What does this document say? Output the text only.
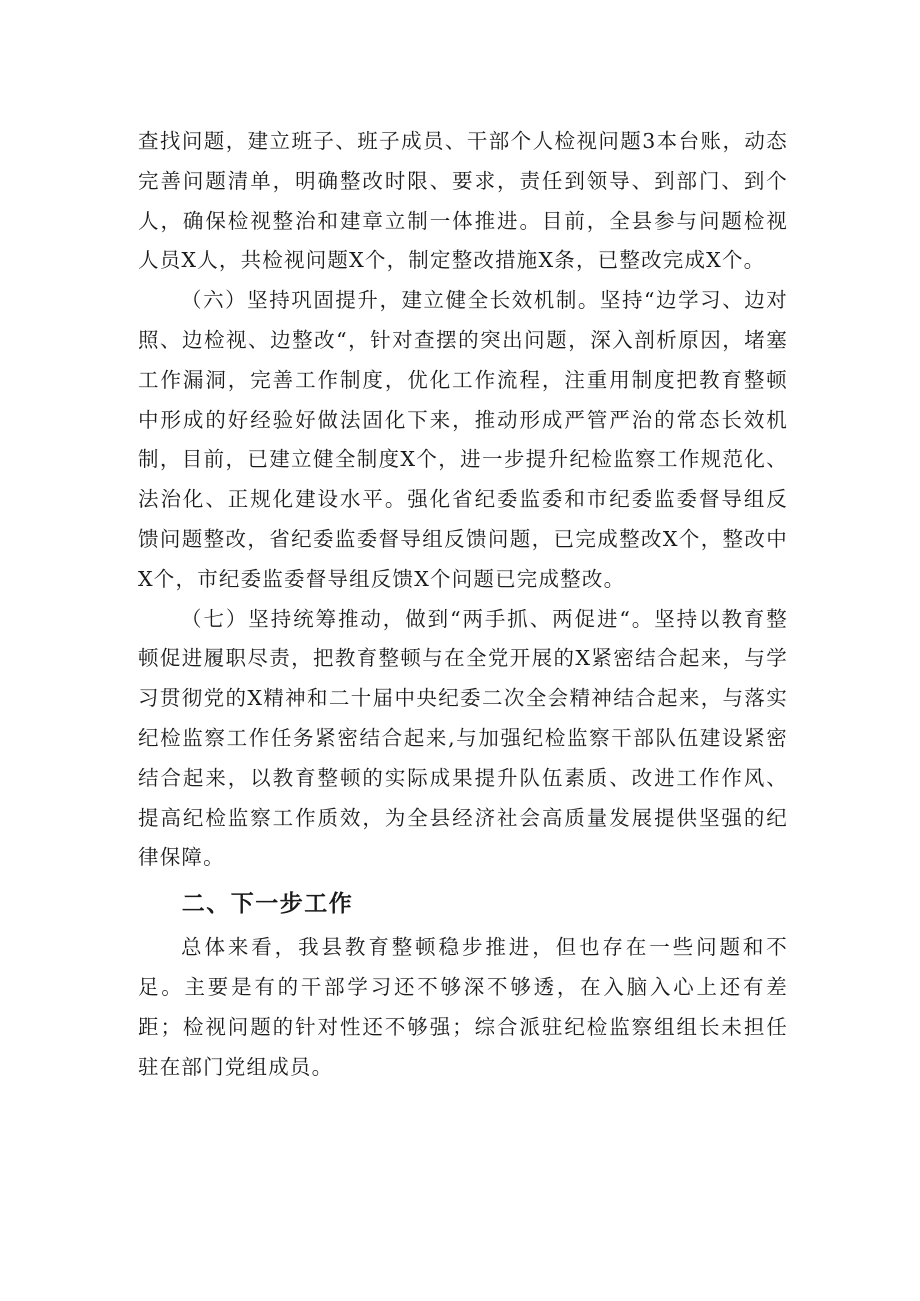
查找问题，建立班子、班子成员、干部个人检视问题3本台账，动态完善问题清单，明确整改时限、要求，责任到领导、到部门、到个人，确保检视整治和建章立制一体推进。目前，全县参与问题检视人员X人，共检视问题X个，制定整改措施X条，已整改完成X个。

（六）坚持巩固提升，建立健全长效机制。坚持“边学习、边对照、边检视、边整改“，针对查摆的突出问题，深入剖析原因，堵塞工作漏洞，完善工作制度，优化工作流程，注重用制度把教育整顿中形成的好经验好做法固化下来，推动形成严管严治的常态长效机制，目前，已建立健全制度X个，进一步提升纪检监察工作规范化、法治化、正规化建设水平。强化省纪委监委和市纪委监委督导组反馈问题整改，省纪委监委督导组反馈问题，已完成整改X个，整改中X个，市纪委监委督导组反馈X个问题已完成整改。

（七）坚持统筹推动，做到“两手抓、两促进“。坚持以教育整顿促进履职尽责，把教育整顿与在全党开展的X紧密结合起来，与学习贯彻党的X精神和二十届中央纪委二次全会精神结合起来，与落实纪检监察工作任务紧密结合起来,与加强纪检监察干部队伍建设紧密结合起来，以教育整顿的实际成果提升队伍素质、改进工作作风、提高纪检监察工作质效，为全县经济社会高质量发展提供坚强的纪律保障。

二、下一步工作

总体来看，我县教育整顿稳步推进，但也存在一些问题和不足。主要是有的干部学习还不够深不够透，在入脑入心上还有差距；检视问题的针对性还不够强；综合派驻纪检监察组组长未担任驻在部门党组成员。
